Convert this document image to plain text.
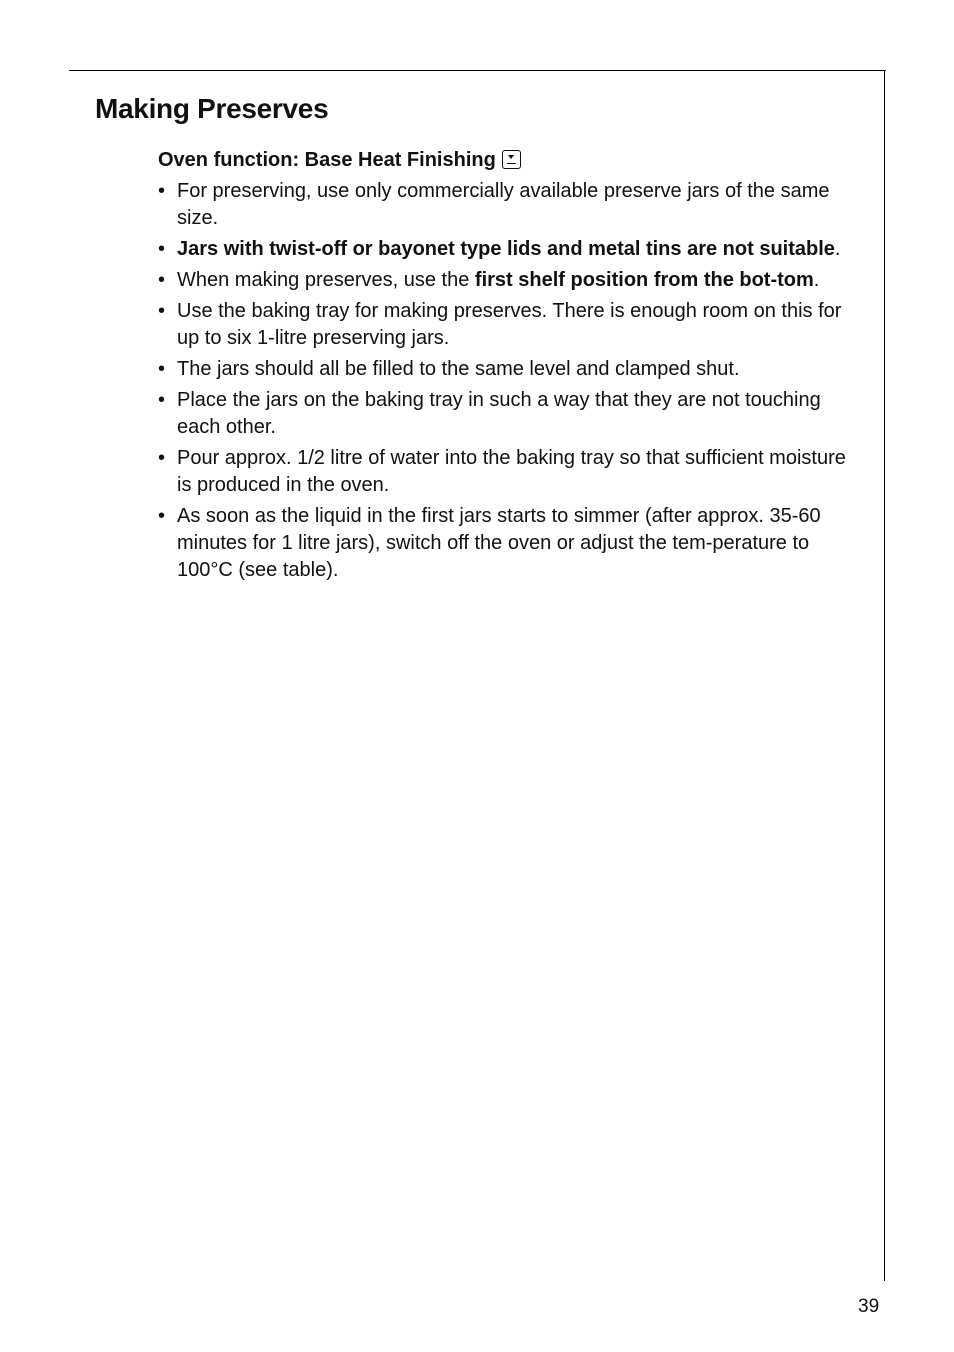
Making Preserves
Oven function: Base Heat Finishing
• For preserving, use only commercially available preserve jars of the same size.
• Jars with twist-off or bayonet type lids and metal tins are not suitable.
• When making preserves, use the first shelf position from the bot-tom.
• Use the baking tray for making preserves. There is enough room on this for up to six 1-litre preserving jars.
• The jars should all be filled to the same level and clamped shut.
• Place the jars on the baking tray in such a way that they are not touching each other.
• Pour approx. 1/2 litre of water into the baking tray so that sufficient moisture is produced in the oven.
• As soon as the liquid in the first jars starts to simmer (after approx. 35-60 minutes for 1 litre jars), switch off the oven or adjust the tem-perature to 100°C (see table).
39
